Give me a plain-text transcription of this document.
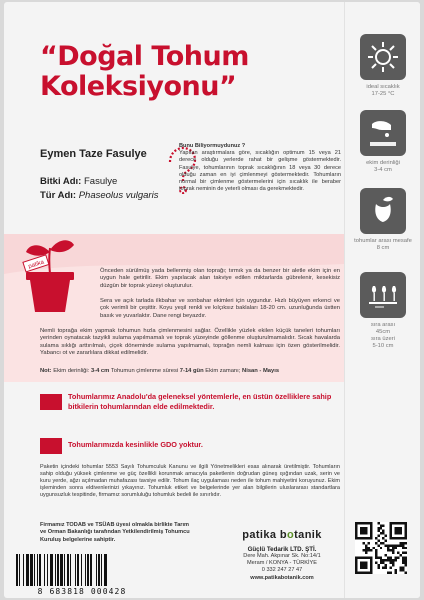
“Doğal Tohum Koleksiyonu”
Eymen Taze Fasulye
Bitki Adı: Fasulye
Tür Adı: Phaseolus vulgaris
Bunu Biliyormuydunuz ?
Yapılan araştırmalara göre, sıcaklığın optimum 15 veya 21 derece olduğu yerlerde rahat bir gelişme göstermektedir. Fasulye, tohumlarının toprak sıcaklığının 18 veya 30 derece olduğu zaman en iyi çimlenmeyi göstermektedir. Tohumların normal bir çimlenme göstermelerini için sıcaklık ile beraber toprak neminin de yeterli olması da gerekmektedir.
patika
Önceden sürülmüş yada bellenmiş olan toprağı; tırmık ya da benzer bir aletle ekim için en uygun hale getirilir. Ekim yapılacak alan takviye edilen miktarlarda gübrelenir, kesekisiz düzgün bir toprak yüzeyi oluşturulur.
Sera ve açık tarlada ilkbahar ve sonbahar ekimleri için uygundur. Hızlı büyüyen erkenci ve çok verimli bir çeşittir. Koyu yeşil renkli ve kılçıksız baklaları 18-20 cm. uzunluğunda üstten basık ve yuvarlaktır. Dane rengi beyazdır.
Nemli toprağa ekim yapmak tohumun hızla çimlenmesini sağlar. Özellikle yüzlek ekilen küçük taneleri tohumları yerinden oynatacak tazyikli sulama yapılmamalı ve toprak yüzeyinde göllenme oluşturulmamalıdır. Sıcak havalarda sulama sıklığı arttırılmalı, çiçek döneminde sulama yapılmamalı, toprağın nemli kalması için özen gösterilmelidir. Yabancı ot ve zararlılara dikkat edilmelidir.
Not: Ekim derinliği: 3-4 cm Tohumun çimlenme süresi 7-14 gün Ekim zamanı; Nisan - Mayıs
Tohumlarımız Anadolu'da geleneksel yöntemlerle, en üstün özelliklere sahip bitkilerin tohumlarından elde edilmektedir.
Tohumlarımızda kesinlikle GDO yoktur.
Paketin içindeki tohumlar 5553 Sayılı Tohumculuk Kanunu ve ilgili Yönetmelikleri esas alınarak üretilmiştir. Tohumların sahip olduğu yüksek çimlenme ve güç özellikli korunmak amacıyla paketlenin doğrudan güneş ışığından uzak, serin ve kuru yerde, ağzı açılmadan muhafazası tavsiye edilir. Tohum ilaç uygulaması neden ile tohum mahiyetini koruyunuz. Ekim işleminden sonra eldivenlerinizi yıkayınız. Tohumluk etiket ve belgelerinde yer alan bilgilerin uluslararası standartlara uygunsuzluk tespitinde, firmamız sorumluluğu tohumluk bedeli ile sınırlıdır.
Firmamız TODAB ve TSÜAB üyesi olmakla birlikte Tarım ve Orman Bakanlığı tarafından Yetkilendirilmiş Tohumcu Kuruluş belgelerine sahiptir.	patika botanik
Güçlü Tedarik LTD. ŞTİ.
Dere Mah. Akpınar Sk. No:14/1
Meram / KONYA - TÜRKİYE
0 332 247 27 47
www.patikabotanik.com
8 683818 000428
ideal sıcaklık
17-25 °C
ekim derinliği
3-4 cm
tohumlar arası mesafe
8 cm
sıra arası
45cm
sıra üzeri
5-10 cm
